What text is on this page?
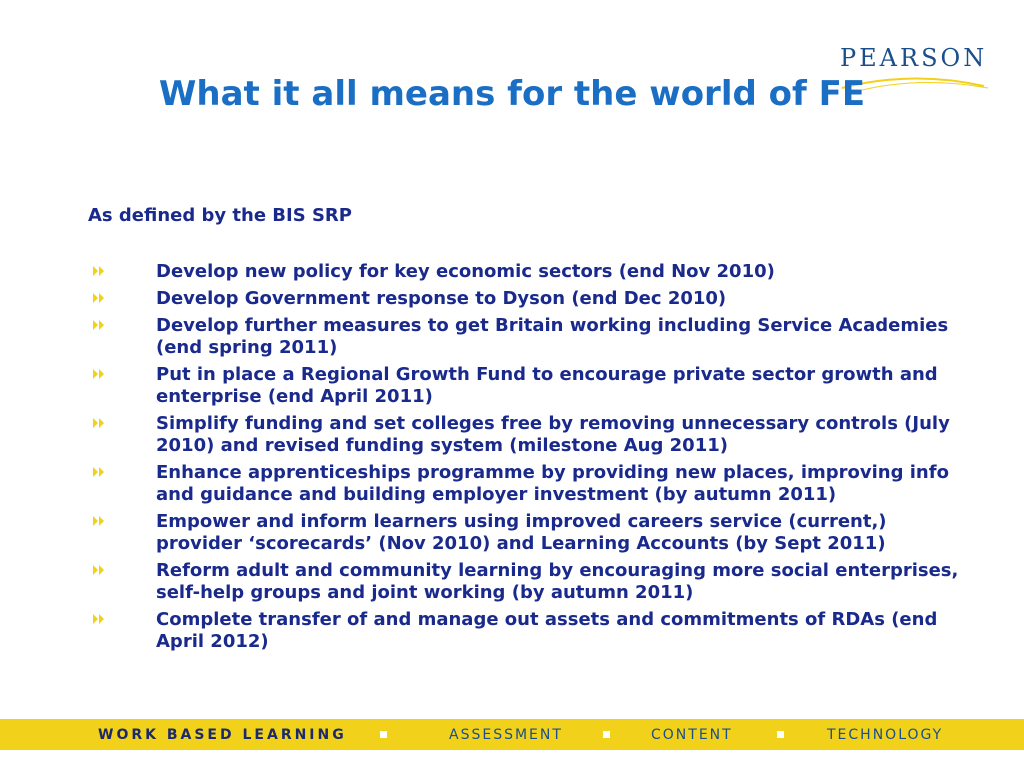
PEARSON
What it all means for the world of FE
As defined by the BIS SRP
Develop new policy for key economic sectors (end Nov 2010)
Develop Government response to Dyson (end Dec 2010)
Develop further measures to get Britain working including Service Academies (end spring 2011)
Put in place a Regional Growth Fund to encourage private sector growth and enterprise (end April 2011)
Simplify funding and set colleges free by removing unnecessary controls (July 2010) and revised funding system (milestone Aug 2011)
Enhance apprenticeships programme by providing new places, improving info and guidance and building employer investment (by autumn 2011)
Empower and inform learners using improved careers service (current,) provider ‘scorecards’ (Nov 2010) and Learning Accounts (by Sept 2011)
Reform adult and community learning by encouraging more social enterprises, self-help groups and joint working (by autumn 2011)
Complete transfer of and manage out assets and commitments of RDAs (end April 2012)
WORK BASED LEARNING	ASSESSMENT	CONTENT	TECHNOLOGY
